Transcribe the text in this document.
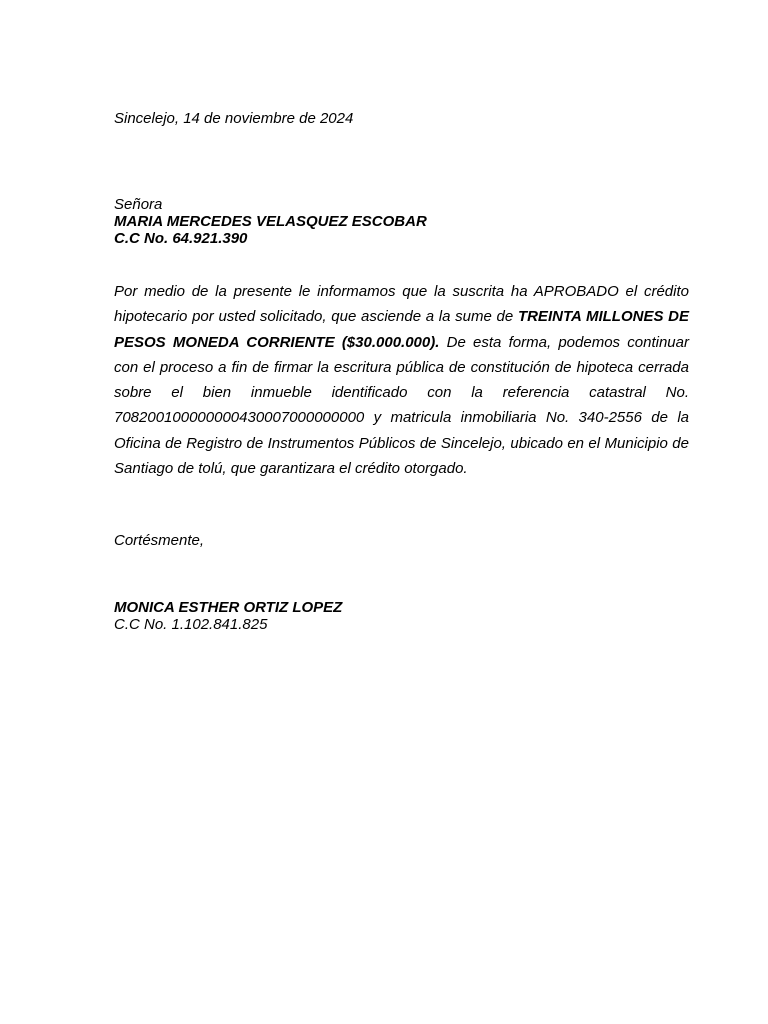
Sincelejo, 14 de noviembre de 2024
Señora
MARIA MERCEDES VELASQUEZ ESCOBAR
C.C No. 64.921.390
Por medio de la presente le informamos que la suscrita ha APROBADO el crédito hipotecario por usted solicitado, que asciende a la sume de TREINTA MILLONES DE PESOS MONEDA CORRIENTE ($30.000.000). De esta forma, podemos continuar con el proceso a fin de firmar la escritura pública de constitución de hipoteca cerrada sobre el bien inmueble identificado con la referencia catastral No. 708200100000000430007000000000 y matricula inmobiliaria No. 340-2556 de la Oficina de Registro de Instrumentos Públicos de Sincelejo, ubicado en el Municipio de Santiago de tolú, que garantizara el crédito otorgado.
Cortésmente,
MONICA ESTHER ORTIZ LOPEZ
C.C No. 1.102.841.825
